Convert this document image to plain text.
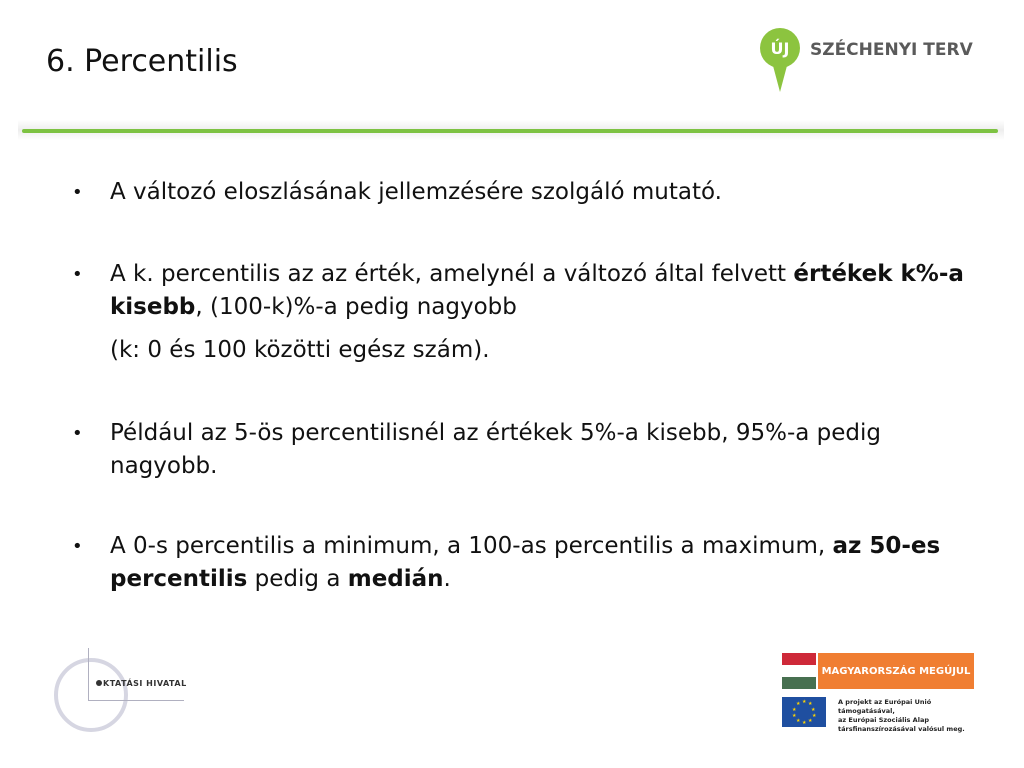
6. Percentilis	ÚJ	SZÉCHENYI TERV
• A változó eloszlásának jellemzésére szolgáló mutató.
• A k. percentilis az az érték, amelynél a változó által felvett értékek k%-a kisebb, (100-k)%-a pedig nagyobb
(k: 0 és 100 közötti egész szám).
• Például az 5-ös percentilisnél az értékek 5%-a kisebb, 95%-a pedig nagyobb.
• A 0-s percentilis a minimum, a 100-as percentilis a maximum, az 50-es percentilis pedig a medián.
KTATÁSI HIVATAL
MAGYARORSZÁG MEGÚJUL
★ ★
★
★
★
★
★
★
★
★	A projekt az Európai Unió támogatásával,
az Európai Szociális Alap
társfinanszírozásával valósul meg.
